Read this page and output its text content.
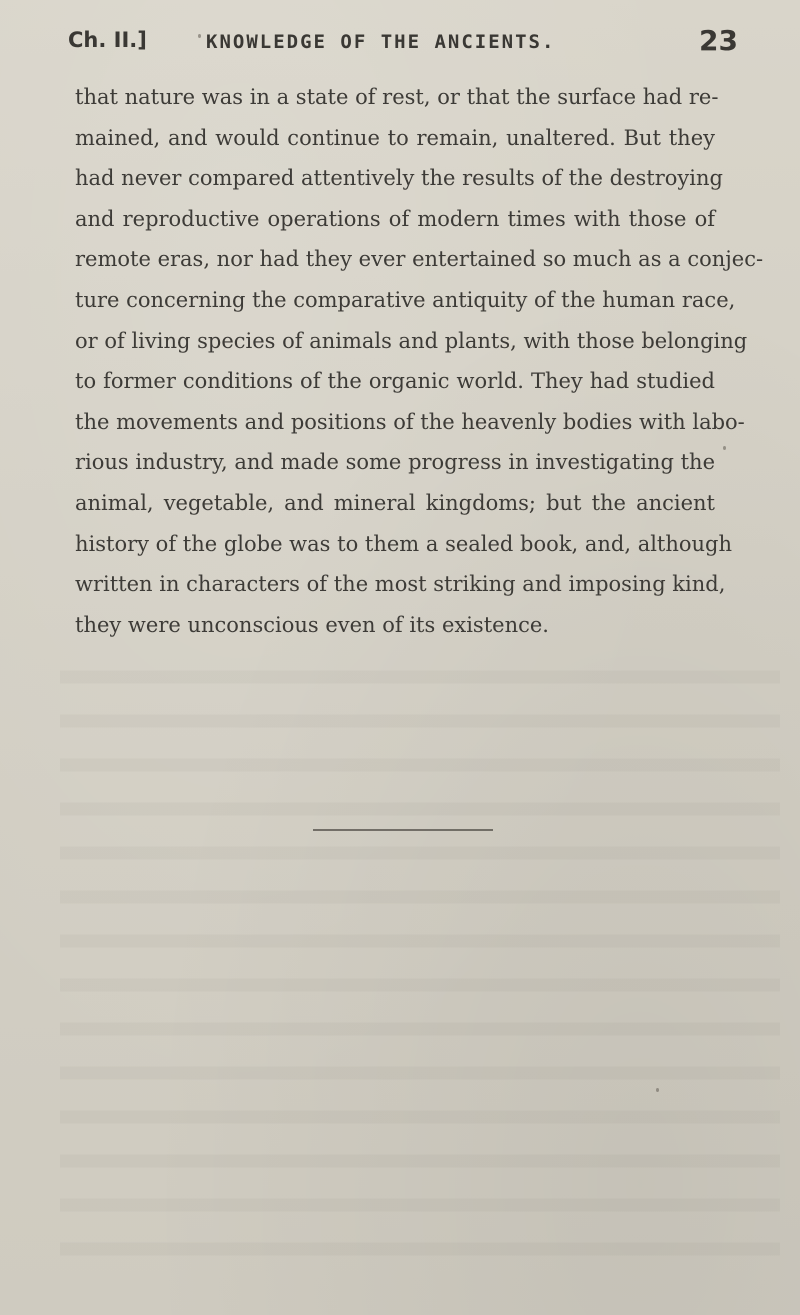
Ch. II.]	KNOWLEDGE OF THE ANCIENTS.	23
that nature was in a state of rest, or that the surface had re-
mained, and would continue to remain, unaltered. But they
had never compared attentively the results of the destroying
and reproductive operations of modern times with those of
remote eras, nor had they ever entertained so much as a conjec-
ture concerning the comparative antiquity of the human race,
or of living species of animals and plants, with those belonging
to former conditions of the organic world. They had studied
the movements and positions of the heavenly bodies with labo-
rious industry, and made some progress in investigating the
animal, vegetable, and mineral kingdoms; but the ancient
history of the globe was to them a sealed book, and, although
written in characters of the most striking and imposing kind,
they were unconscious even of its existence.
